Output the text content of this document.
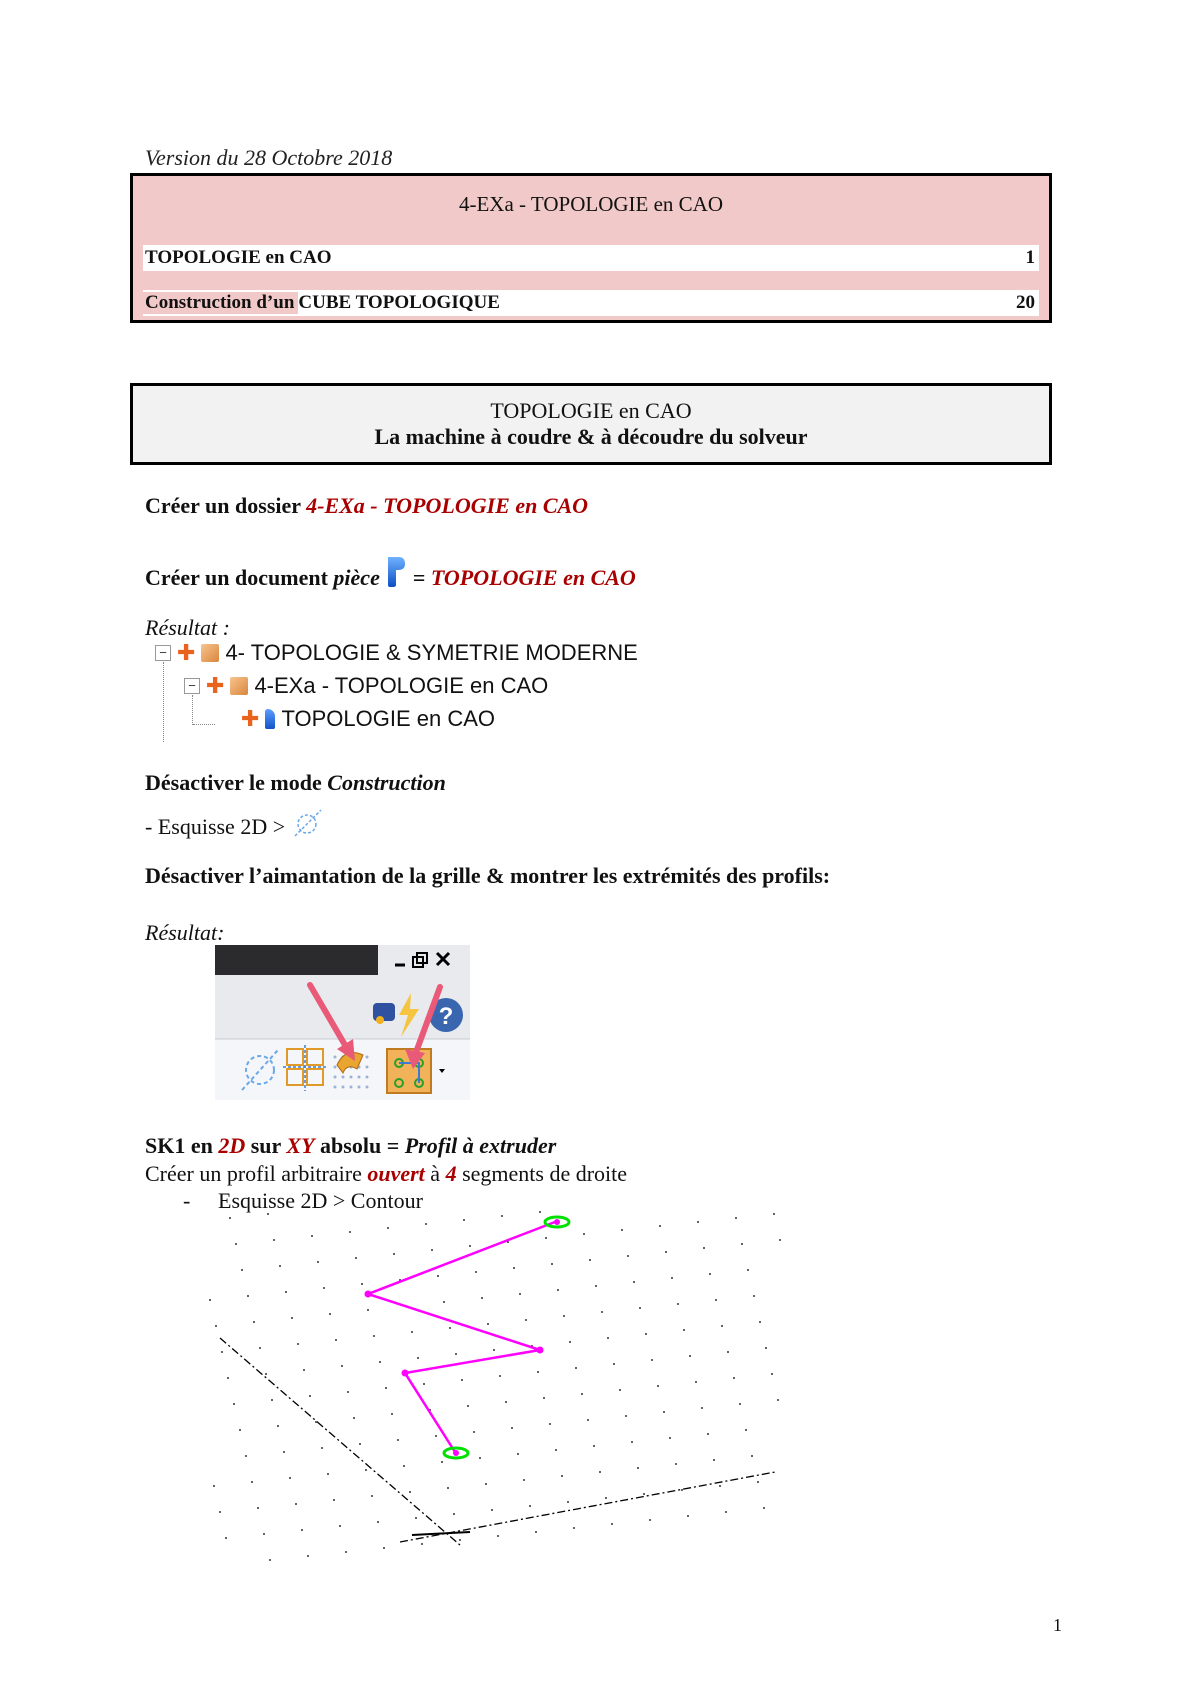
Version du 28 Octobre 2018
4-EXa - TOPOLOGIE en CAO
TOPOLOGIE en CAO	1
Construction d’un CUBE TOPOLOGIQUE	20
TOPOLOGIE en CAO
La machine à coudre & à découdre du solveur
Créer un dossier 4-EXa - TOPOLOGIE en CAO
Créer un document pièce  = TOPOLOGIE en CAO
Résultat :
− ✚ 4- TOPOLOGIE & SYMETRIE MODERNE
− ✚ 4-EXa - TOPOLOGIE en CAO
✚ TOPOLOGIE en CAO
Désactiver le mode Construction
- Esquisse 2D >
Désactiver l’aimantation de la grille & montrer les extrémités des profils:
Résultat:
?
SK1 en 2D sur XY absolu = Profil à extruder
Créer un profil arbitraire ouvert à 4 segments de droite
- Esquisse 2D > Contour
1
